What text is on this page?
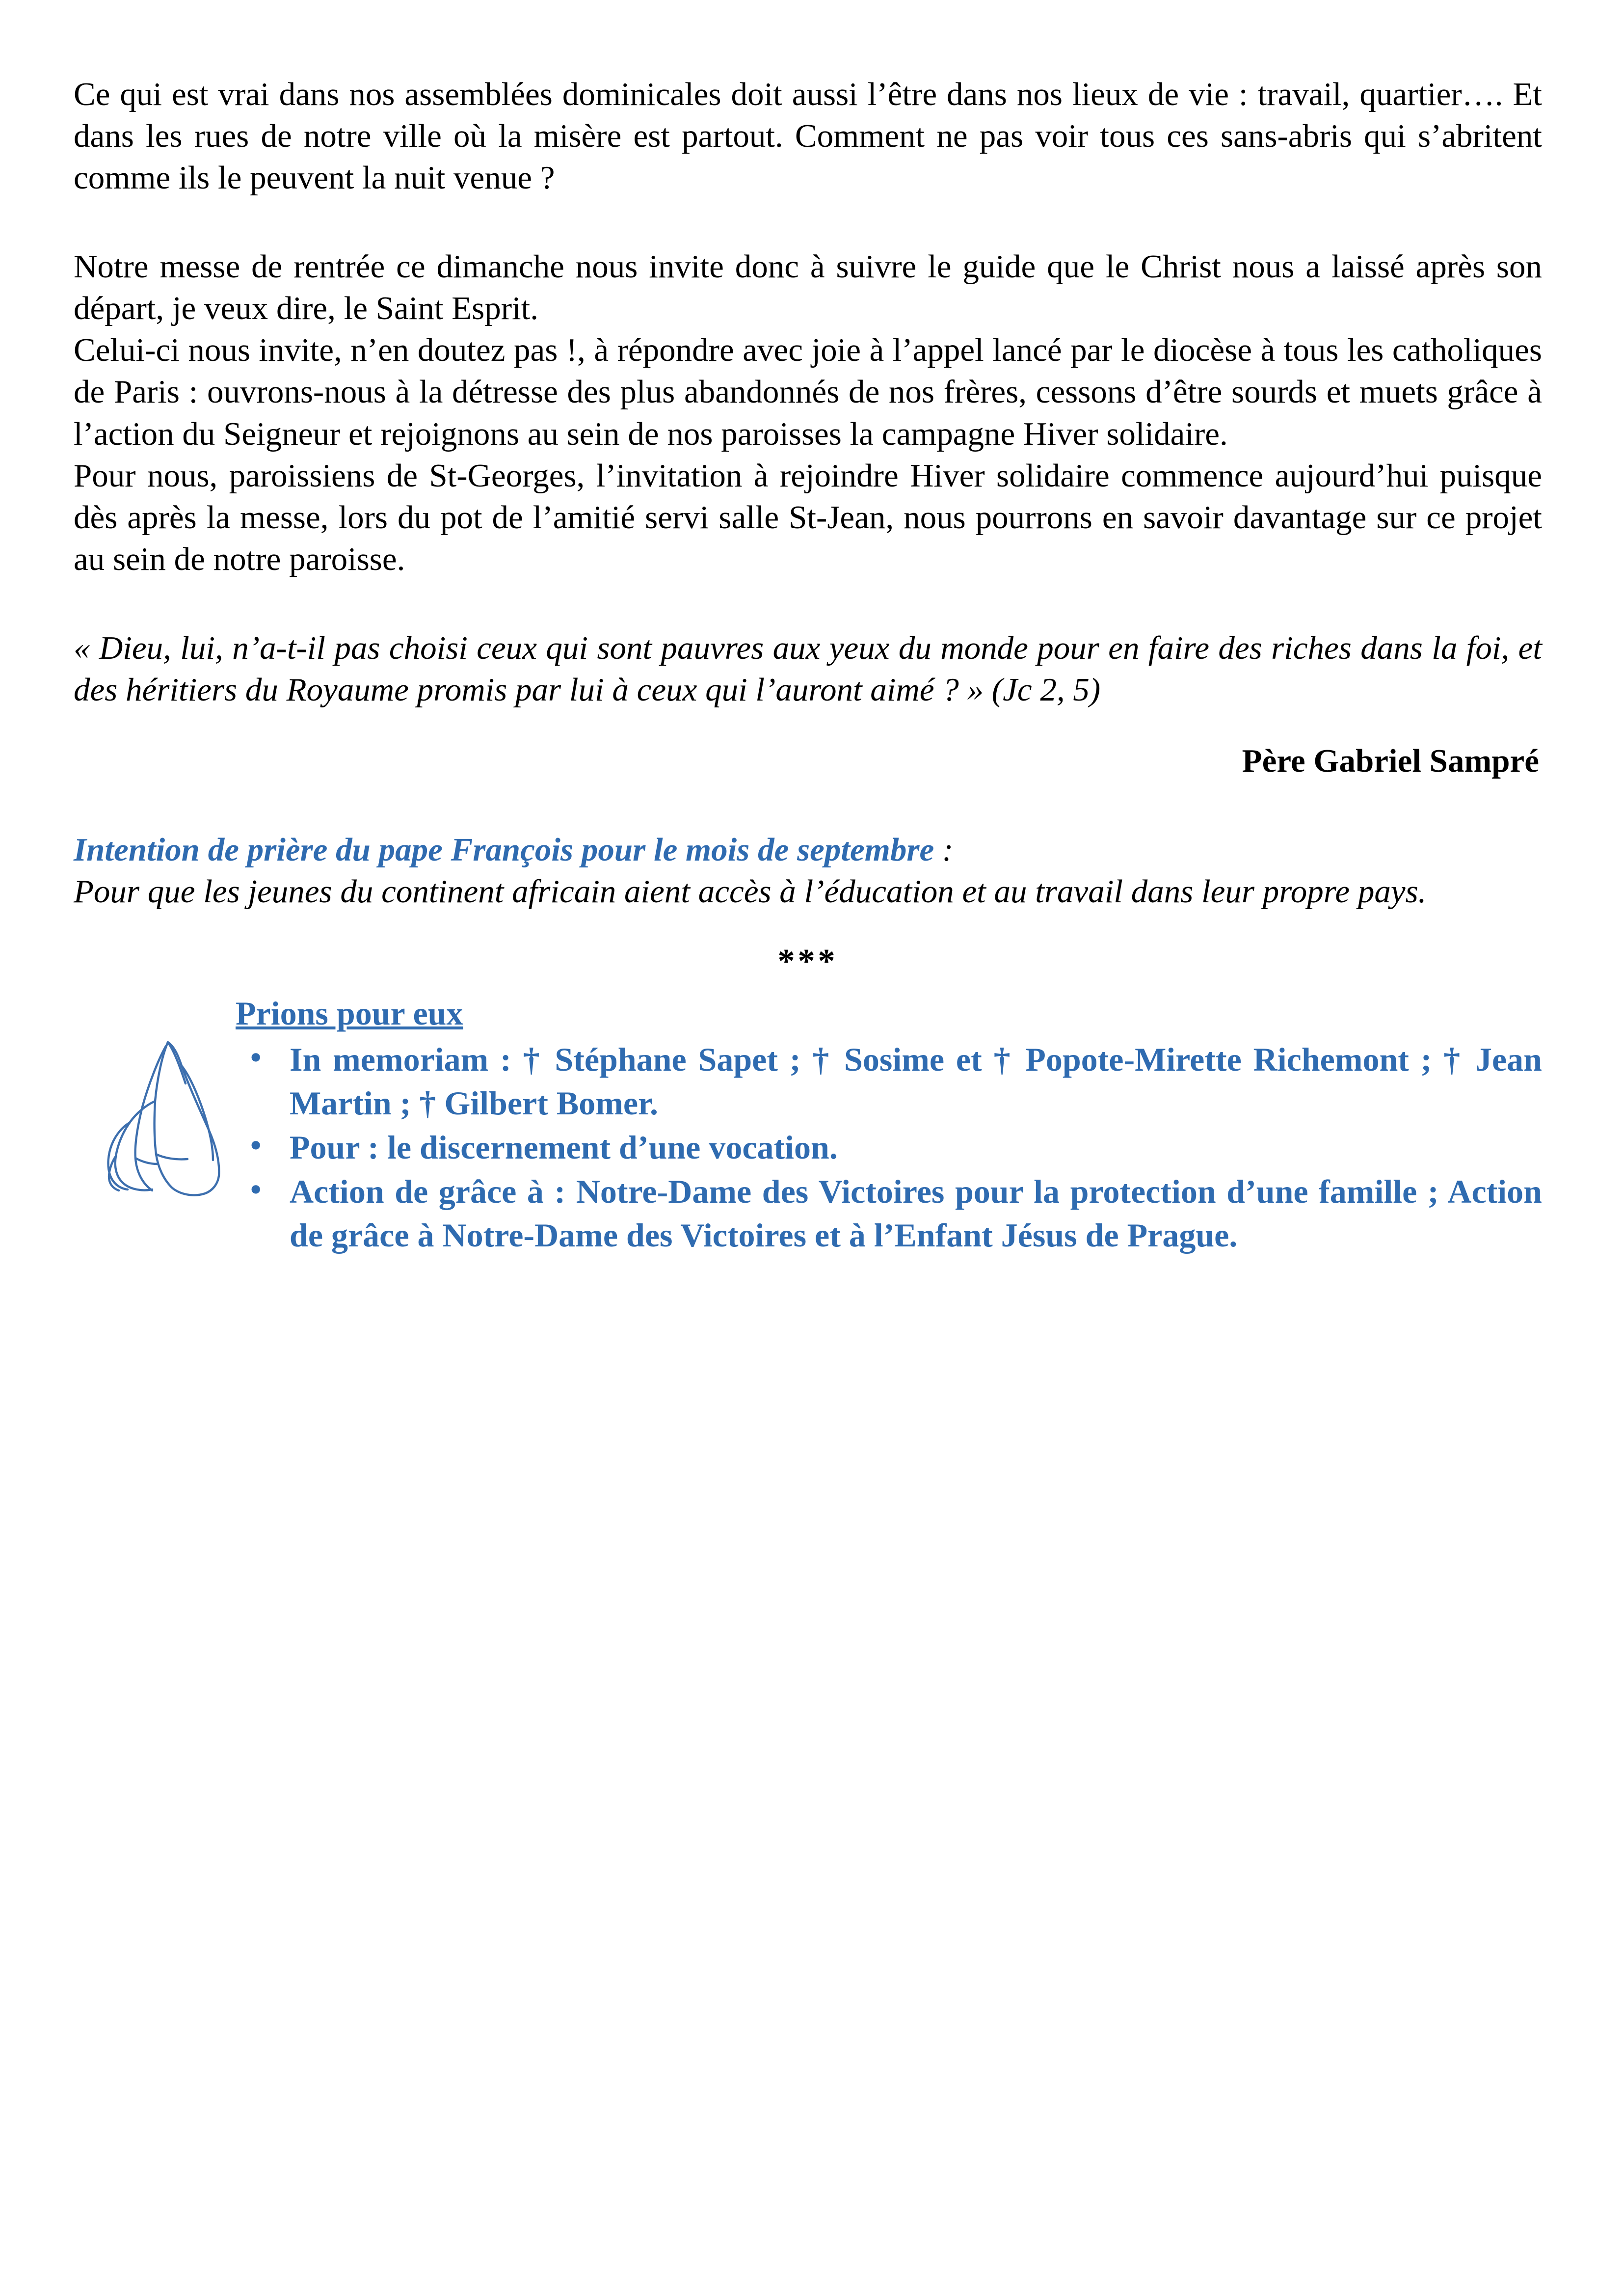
Ce qui est vrai dans nos assemblées dominicales doit aussi l’être dans nos lieux de vie : travail, quartier…. Et dans les rues de notre ville où la misère est partout. Comment ne pas voir tous ces sans-abris qui s’abritent comme ils le peuvent la nuit venue ?

Notre messe de rentrée ce dimanche nous invite donc à suivre le guide que le Christ nous a laissé après son départ, je veux dire, le Saint Esprit.

Celui-ci nous invite, n’en doutez pas !, à répondre avec joie à l’appel lancé par le diocèse à tous les catholiques de Paris : ouvrons-nous à la détresse des plus abandonnés de nos frères, cessons d’être sourds et muets grâce à l’action du Seigneur et rejoignons au sein de nos paroisses la campagne Hiver solidaire.

Pour nous, paroissiens de St-Georges, l’invitation à rejoindre Hiver solidaire commence aujourd’hui puisque dès après la messe, lors du pot de l’amitié servi salle St-Jean, nous pourrons en savoir davantage sur ce projet au sein de notre paroisse.

« Dieu, lui, n’a-t-il pas choisi ceux qui sont pauvres aux yeux du monde pour en faire des riches dans la foi, et des héritiers du Royaume promis par lui à ceux qui l’auront aimé ? » (Jc 2, 5)

Père Gabriel Sampré

Intention de prière du pape François pour le mois de septembre :

Pour que les jeunes du continent africain aient accès à l’éducation et au travail dans leur propre pays.

***
Prions pour eux
• In memoriam : † Stéphane Sapet ; † Sosime et † Popote-Mirette Richemont ; † Jean Martin ; † Gilbert Bomer.
• Pour : le discernement d’une vocation.
• Action de grâce à : Notre-Dame des Victoires pour la protection d’une famille ; Action de grâce à Notre-Dame des Victoires et à l’Enfant Jésus de Prague.
